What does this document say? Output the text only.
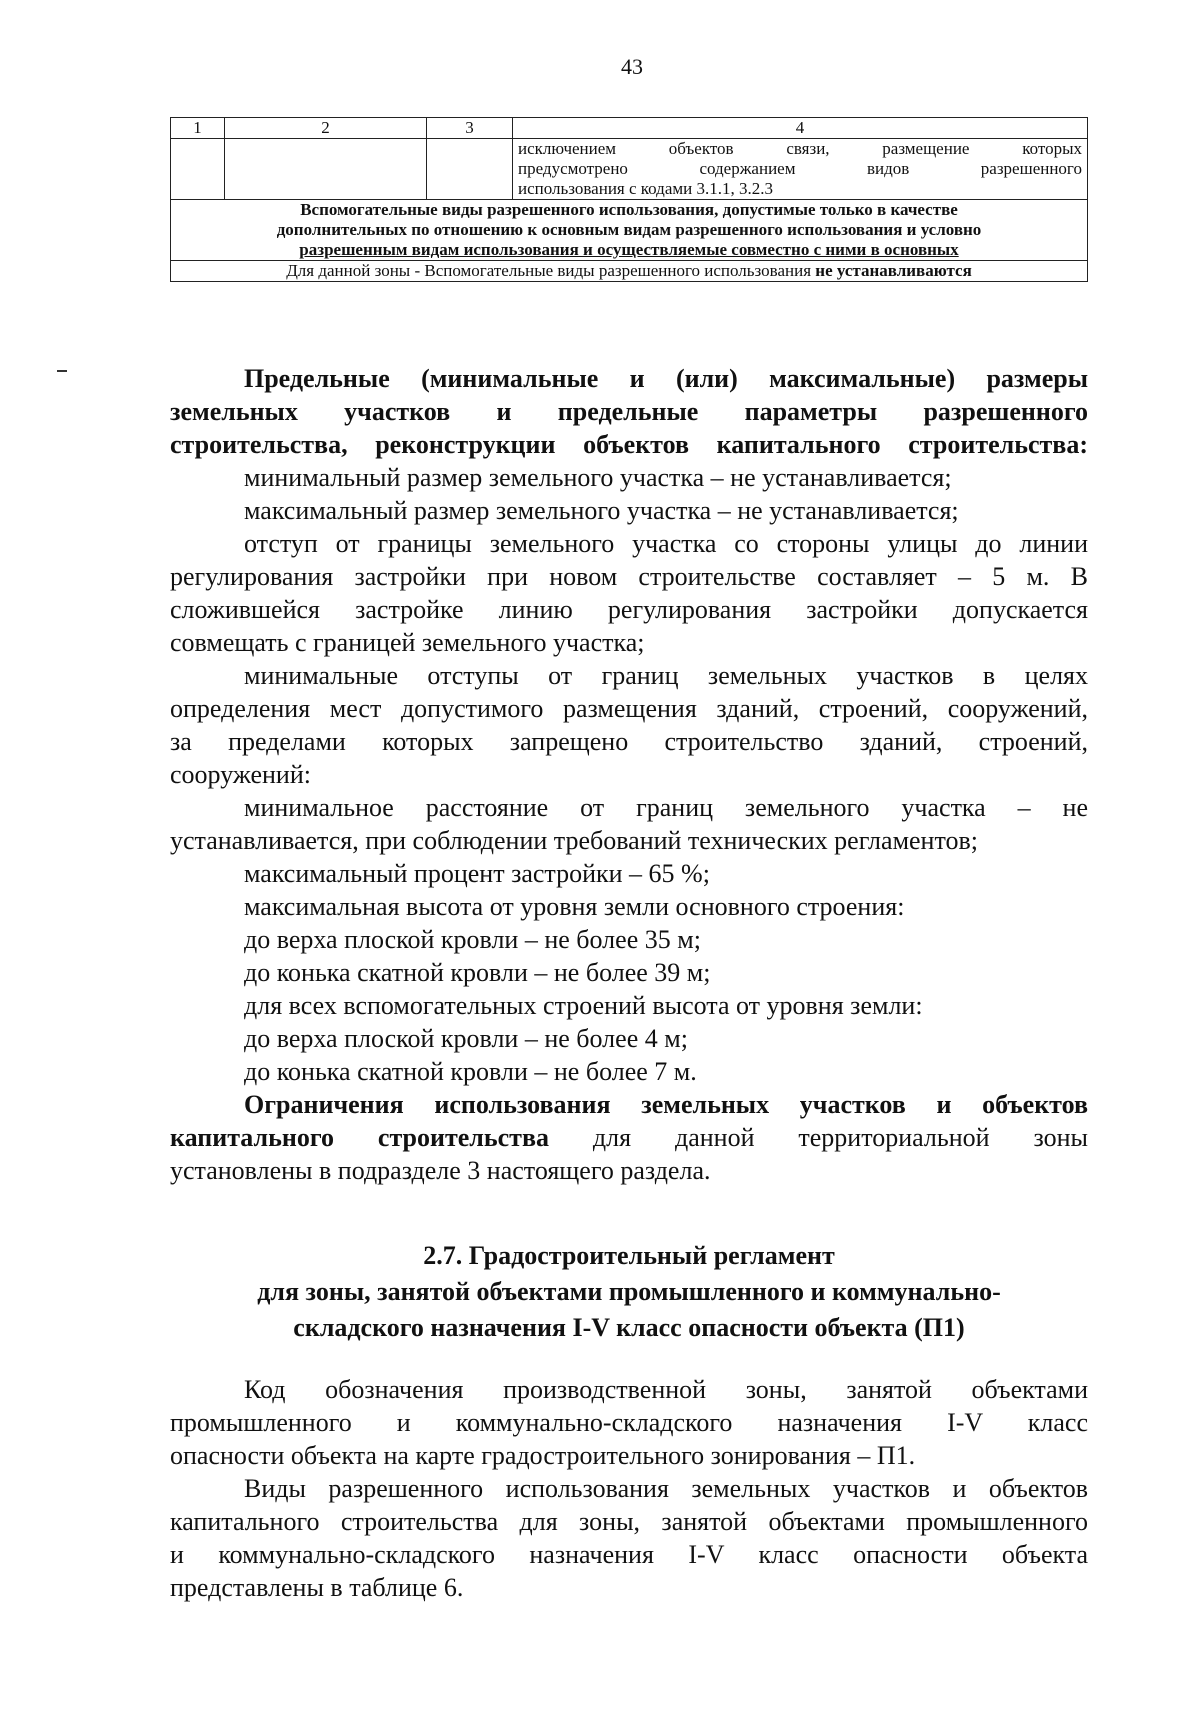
43
1	2	3	4

			исключением объектов связи, размещение которых
предусмотрено содержанием видов разрешенного
использования с кодами 3.1.1, 3.2.3

Вспомогательные виды разрешенного использования, допустимые только в качестве
дополнительных по отношению к основным видам разрешенного использования и условно
разрешенным видам использования и осуществляемые совместно с ними в основных			

Для данной зоны - Вспомогательные виды разрешенного использования не устанавливаются			
Предельные (минимальные и (или) максимальные) размеры
земельных участков и предельные параметры разрешенного
строительства, реконструкции объектов капитального строительства:
минимальный размер земельного участка – не устанавливается;
максимальный размер земельного участка – не устанавливается;
отступ от границы земельного участка со стороны улицы до линии
регулирования застройки при новом строительстве составляет – 5 м. В
сложившейся застройке линию регулирования застройки допускается
совмещать с границей земельного участка;
минимальные отступы от границ земельных участков в целях
определения мест допустимого размещения зданий, строений, сооружений,
за пределами которых запрещено строительство зданий, строений,
сооружений:
минимальное расстояние от границ земельного участка – не
устанавливается, при соблюдении требований технических регламентов;
максимальный процент застройки – 65 %;
максимальная высота от уровня земли основного строения:
до верха плоской кровли – не более 35 м;
до конька скатной кровли – не более 39 м;
для всех вспомогательных строений высота от уровня земли:
до верха плоской кровли – не более 4 м;
до конька скатной кровли – не более 7 м.
Ограничения использования земельных участков и объектов
капитального строительства для данной территориальной зоны
установлены в подразделе 3 настоящего раздела.
2.7. Градостроительный регламент
для зоны, занятой объектами промышленного и коммунально-
складского назначения I-V класс опасности объекта (П1)
Код обозначения производственной зоны, занятой объектами
промышленного и коммунально-складского назначения I-V класс
опасности объекта на карте градостроительного зонирования – П1.
Виды разрешенного использования земельных участков и объектов
капитального строительства для зоны, занятой объектами промышленного
и коммунально-складского назначения I-V класс опасности объекта
представлены в таблице 6.
